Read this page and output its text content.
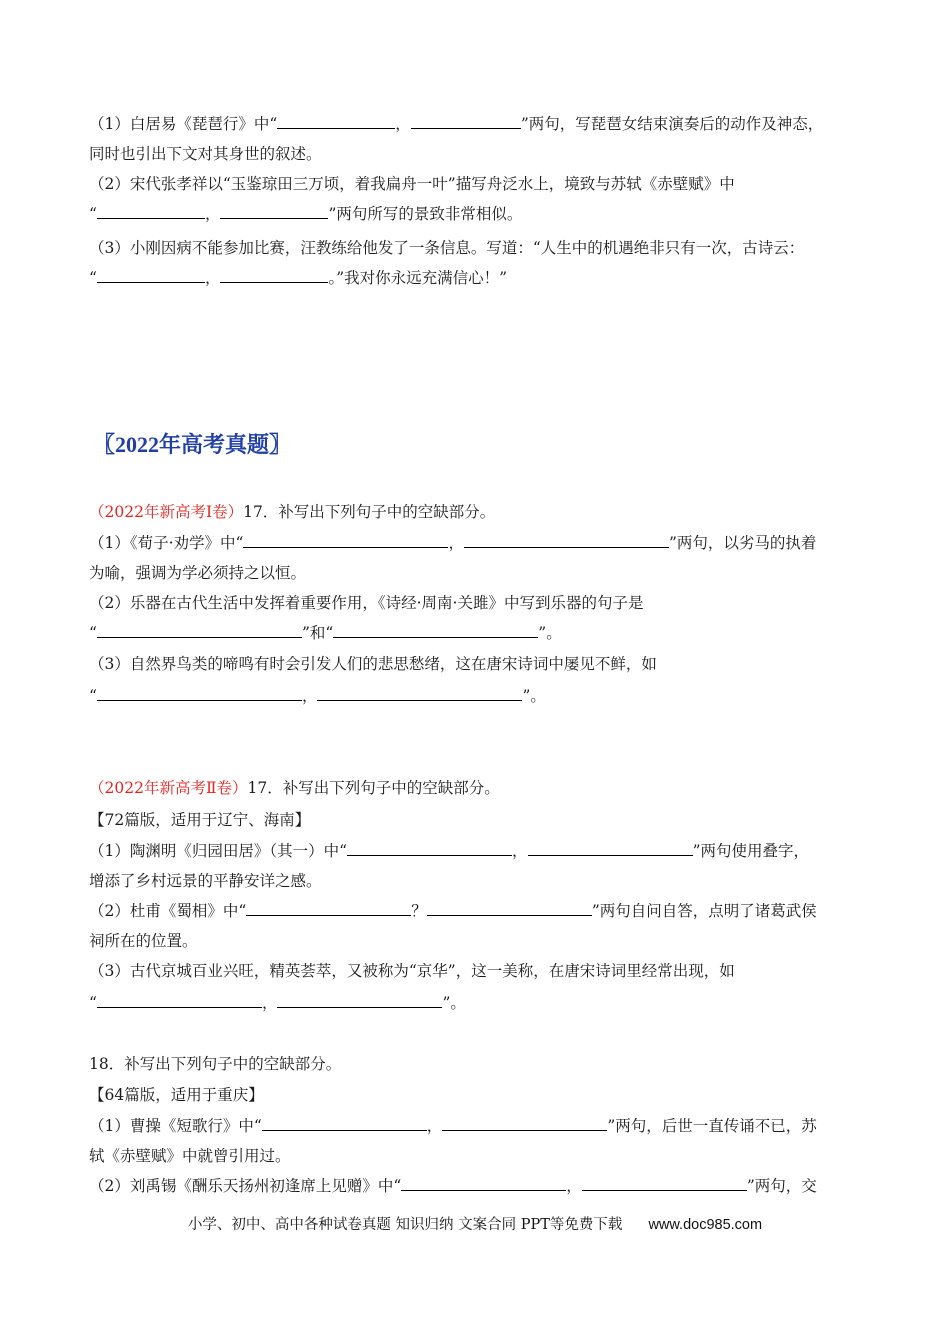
（1）白居易《琵琶行》中“	，	”两句，写琵琶女结束演奏后的动作及神态，
同时也引出下文对其身世的叙述。
（2）宋代张孝祥以“玉鉴琼田三万顷，着我扁舟一叶”描写舟泛水上，境致与苏轼《赤壁赋》中
“	，	”两句所写的景致非常相似。
（3）小刚因病不能参加比赛，汪教练给他发了一条信息。写道：“人生中的机遇绝非只有一次，古诗云：
“	，	。”我对你永远充满信心！”
〖2022年高考真题〗
（2022年新高考Ⅰ卷）17．补写出下列句子中的空缺部分。
（1）《荀子·劝学》中“	，	”两句，以劣马的执着
为喻，强调为学必须持之以恒。
（2）乐器在古代生活中发挥着重要作用，《诗经·周南·关雎》中写到乐器的句子是
“	”和“	”。
（3）自然界鸟类的啼鸣有时会引发人们的悲思愁绪，这在唐宋诗词中屡见不鲜，如
“	，	”。
（2022年新高考Ⅱ卷）17．补写出下列句子中的空缺部分。
【72篇版，适用于辽宁、海南】
（1）陶渊明《归园田居》（其一）中“	，	”两句使用叠字，
增添了乡村远景的平静安详之感。
（2）杜甫《蜀相》中“	？	”两句自问自答，点明了诸葛武侯
祠所在的位置。
（3）古代京城百业兴旺，精英荟萃，又被称为“京华”，这一美称，在唐宋诗词里经常出现，如
“	，	”。
18．补写出下列句子中的空缺部分。
【64篇版，适用于重庆】
（1）曹操《短歌行》中“	，	”两句，后世一直传诵不已，苏
轼《赤壁赋》中就曾引用过。
（2）刘禹锡《酬乐天扬州初逢席上见赠》中“	，	”两句，交
小学、初中、高中各种试卷真题 知识归纳 文案合同 PPT等免费下载 www.doc985.com
